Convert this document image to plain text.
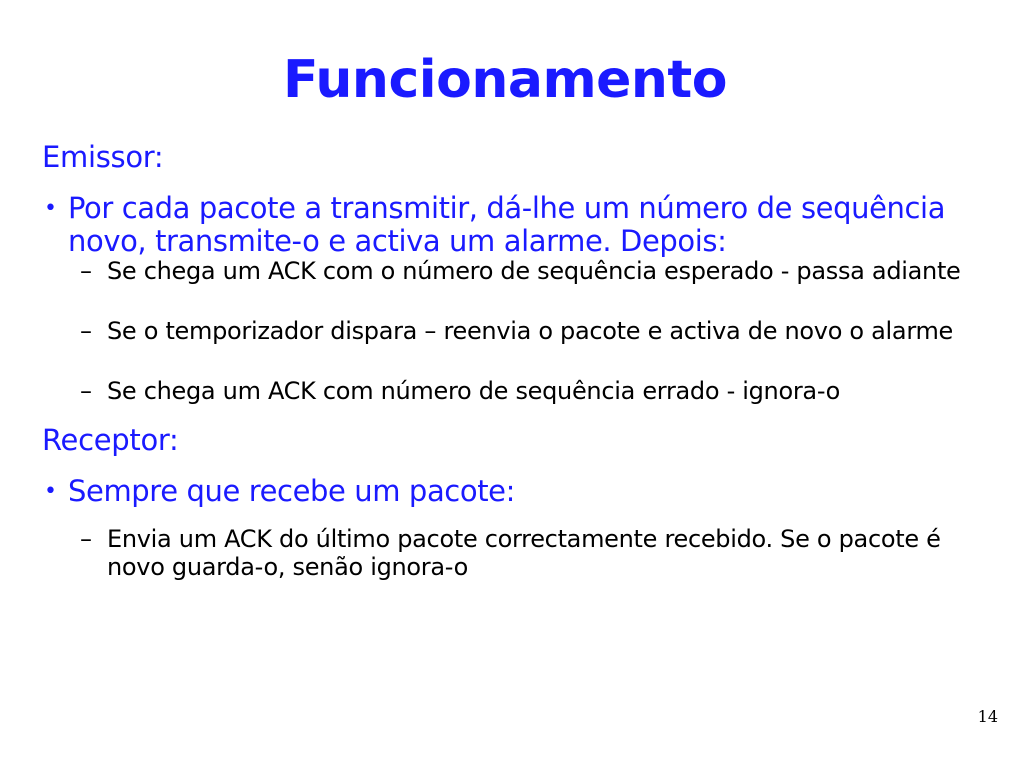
Funcionamento
Emissor:
• Por cada pacote a transmitir, dá-lhe um número de sequência novo, transmite-o e activa um alarme. Depois:
– Se chega um ACK com o número de sequência esperado - passa adiante
– Se o temporizador dispara – reenvia o pacote e activa de novo o alarme
– Se chega um ACK com número de sequência errado - ignora-o
Receptor:
• Sempre que recebe um pacote:
– Envia um ACK do último pacote correctamente recebido. Se o pacote é novo guarda-o, senão ignora-o
14
